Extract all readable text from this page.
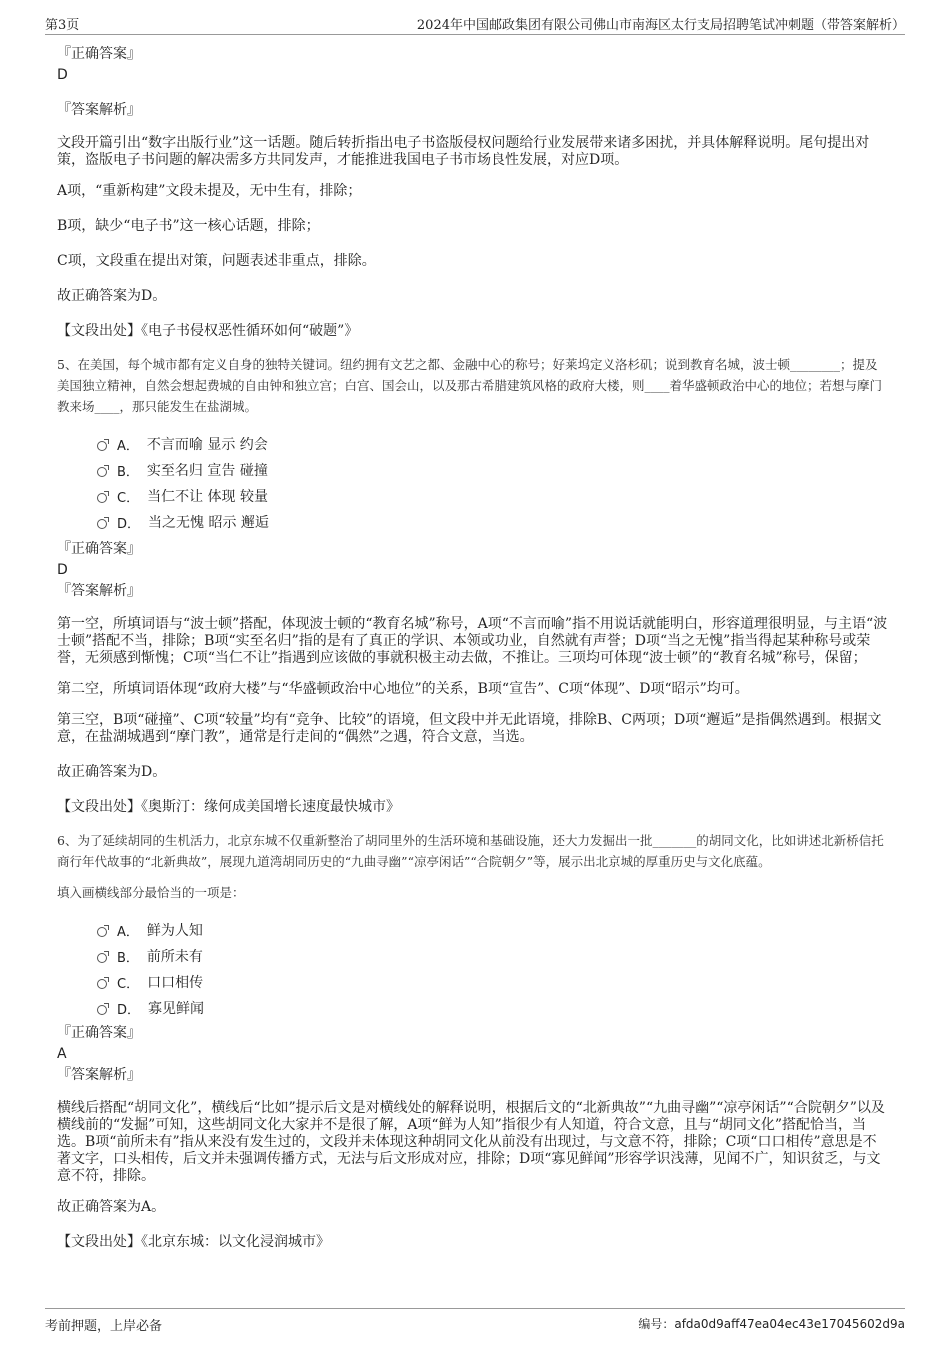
第3页	2024年中国邮政集团有限公司佛山市南海区太行支局招聘笔试冲刺题（带答案解析）
『正确答案』
D
『答案解析』

文段开篇引出“数字出版行业”这一话题。随后转折指出电子书盗版侵权问题给行业发展带来诸多困扰，并具体解释说明。尾句提出对策，盗版电子书问题的解决需多方共同发声，才能推进我国电子书市场良性发展，对应D项。

A项，“重新构建”文段未提及，无中生有，排除；

B项，缺少“电子书”这一核心话题，排除；

C项，文段重在提出对策，问题表述非重点，排除。

故正确答案为D。

【文段出处】《电子书侵权恶性循环如何“破题”》

5、在美国，每个城市都有定义自身的独特关键词。纽约拥有文艺之都、金融中心的称号；好莱坞定义洛杉矶；说到教育名城，波士顿________；提及美国独立精神，自然会想起费城的自由钟和独立宫；白宫、国会山，以及那古希腊建筑风格的政府大楼，则____着华盛顿政治中心的地位；若想与摩门教来场____，那只能发生在盐湖城。

A． 不言而喻 显示 约会
B． 实至名归 宣告 碰撞
C． 当仁不让 体现 较量
D． 当之无愧 昭示 邂逅
『正确答案』
D
『答案解析』

第一空，所填词语与“波士顿”搭配，体现波士顿的“教育名城”称号，A项“不言而喻”指不用说话就能明白，形容道理很明显，与主语“波士顿”搭配不当，排除；B项“实至名归”指的是有了真正的学识、本领或功业，自然就有声誉；D项“当之无愧”指当得起某种称号或荣誉，无须感到惭愧；C项“当仁不让”指遇到应该做的事就积极主动去做，不推让。三项均可体现“波士顿”的“教育名城”称号，保留；

第二空，所填词语体现“政府大楼”与“华盛顿政治中心地位”的关系，B项“宣告”、C项“体现”、D项“昭示”均可。

第三空，B项“碰撞”、C项“较量”均有“竞争、比较”的语境，但文段中并无此语境，排除B、C两项；D项“邂逅”是指偶然遇到。根据文意，在盐湖城遇到“摩门教”，通常是行走间的“偶然”之遇，符合文意，当选。

故正确答案为D。

【文段出处】《奥斯汀：缘何成美国增长速度最快城市》

6、为了延续胡同的生机活力，北京东城不仅重新整治了胡同里外的生活环境和基础设施，还大力发掘出一批_______的胡同文化，比如讲述北新桥信托商行年代故事的“北新典故”，展现九道湾胡同历史的“九曲寻幽”“凉亭闲话”“合院朝夕”等，展示出北京城的厚重历史与文化底蕴。

填入画横线部分最恰当的一项是：

A． 鲜为人知
B． 前所未有
C． 口口相传
D． 寡见鲜闻
『正确答案』
A
『答案解析』

横线后搭配“胡同文化”，横线后“比如”提示后文是对横线处的解释说明，根据后文的“北新典故”“九曲寻幽”“凉亭闲话”“合院朝夕”以及横线前的“发掘”可知，这些胡同文化大家并不是很了解，A项“鲜为人知”指很少有人知道，符合文意，且与“胡同文化”搭配恰当，当选。B项“前所未有”指从来没有发生过的，文段并未体现这种胡同文化从前没有出现过，与文意不符，排除；C项“口口相传”意思是不著文字，口头相传，后文并未强调传播方式，无法与后文形成对应，排除；D项“寡见鲜闻”形容学识浅薄，见闻不广，知识贫乏，与文意不符，排除。

故正确答案为A。

【文段出处】《北京东城：以文化浸润城市》

考前押题，上岸必备	编号：afda0d9aff47ea04ec43e17045602d9a
